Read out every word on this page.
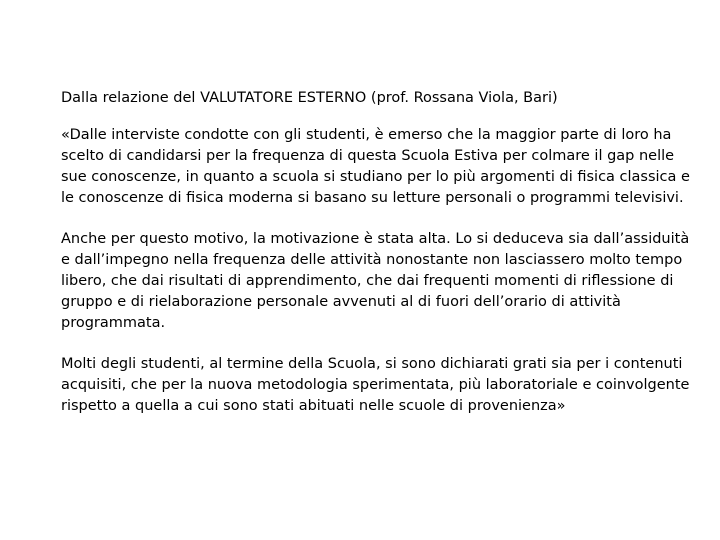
Dalla relazione del VALUTATORE ESTERNO (prof. Rossana Viola, Bari)

«Dalle interviste condotte con gli studenti, è emerso che la maggior parte di loro ha scelto di candidarsi per la frequenza di questa Scuola Estiva per colmare il gap nelle sue conoscenze, in quanto a scuola si studiano per lo più argomenti di fisica classica e le conoscenze di fisica moderna si basano su letture personali o programmi televisivi.

Anche per questo motivo, la motivazione è stata alta. Lo si deduceva sia dall’assiduità e dall’impegno nella frequenza delle attività nonostante non lasciassero molto tempo libero, che dai risultati di apprendimento, che dai frequenti momenti di riflessione di gruppo e di rielaborazione personale avvenuti al di fuori dell’orario di attività programmata.

Molti degli studenti, al termine della Scuola, si sono dichiarati grati sia per i contenuti acquisiti, che per la nuova metodologia sperimentata, più laboratoriale e coinvolgente rispetto a quella a cui sono stati abituati nelle scuole di provenienza»
